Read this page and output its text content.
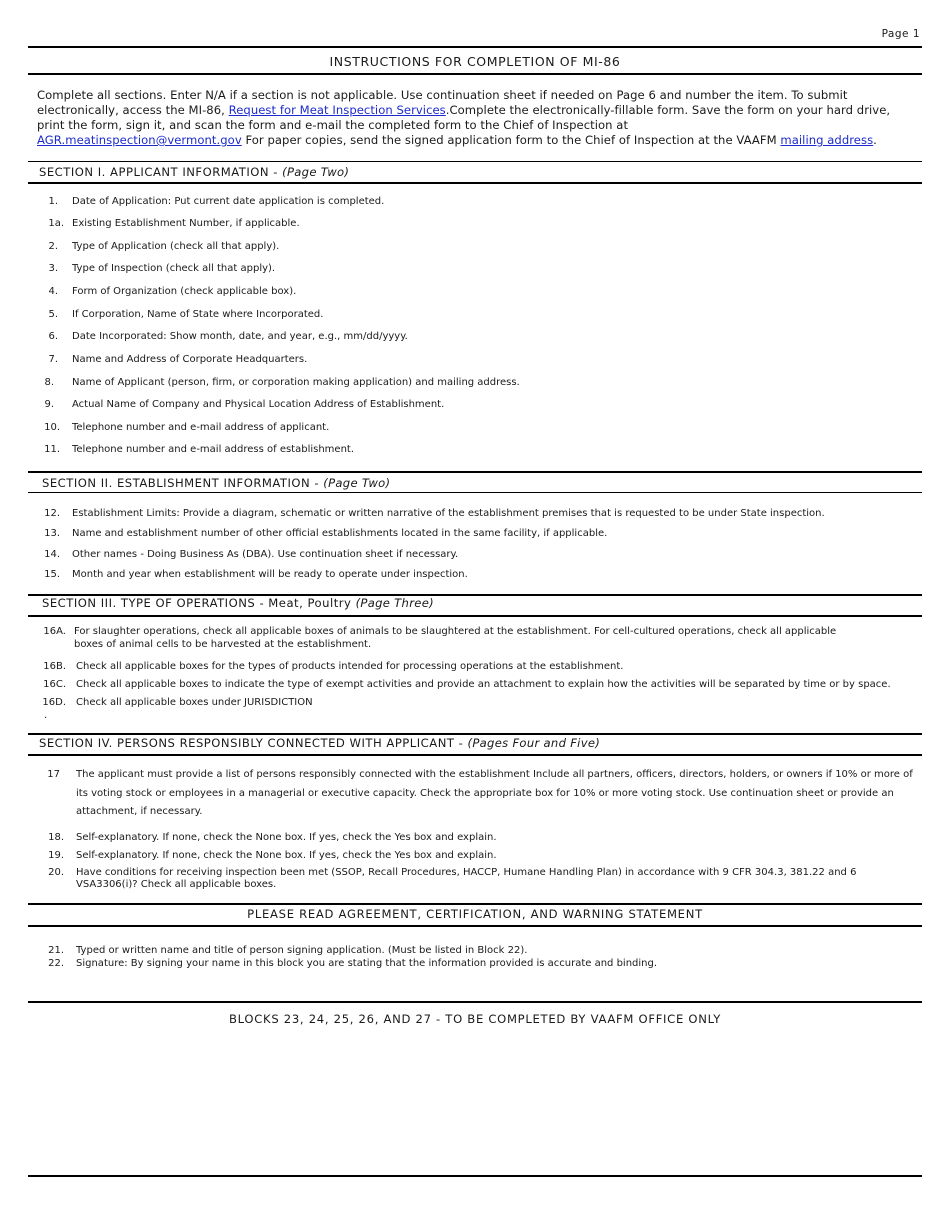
Page 1
INSTRUCTIONS FOR COMPLETION OF MI-86
Complete all sections. Enter N/A if a section is not applicable. Use continuation sheet if needed on Page 6 and number the item. To submit electronically, access the MI-86, Request for Meat Inspection Services.Complete the electronically-fillable form. Save the form on your hard drive, print the form, sign it, and scan the form and e-mail the completed form to the Chief of Inspection at
AGR.meatinspection@vermont.gov For paper copies, send the signed application form to the Chief of Inspection at the VAAFM mailing address.
SECTION I. APPLICANT INFORMATION - (Page Two)
1. Date of Application: Put current date application is completed.
1a. Existing Establishment Number, if applicable.
2. Type of Application (check all that apply).
3. Type of Inspection (check all that apply).
4. Form of Organization (check applicable box).
5. If Corporation, Name of State where Incorporated.
6. Date Incorporated: Show month, date, and year, e.g., mm/dd/yyyy.
7. Name and Address of Corporate Headquarters.
8. Name of Applicant (person, firm, or corporation making application) and mailing address.
9. Actual Name of Company and Physical Location Address of Establishment.
10. Telephone number and e-mail address of applicant.
11. Telephone number and e-mail address of establishment.
SECTION II. ESTABLISHMENT INFORMATION - (Page Two)
12. Establishment Limits: Provide a diagram, schematic or written narrative of the establishment premises that is requested to be under State inspection.
13. Name and establishment number of other official establishments located in the same facility, if applicable.
14. Other names - Doing Business As (DBA). Use continuation sheet if necessary.
15. Month and year when establishment will be ready to operate under inspection.
SECTION III. TYPE OF OPERATIONS - Meat, Poultry (Page Three)
16A. For slaughter operations, check all applicable boxes of animals to be slaughtered at the establishment. For cell-cultured operations, check all applicable boxes of animal cells to be harvested at the establishment.
16B. Check all applicable boxes for the types of products intended for processing operations at the establishment.
16C. Check all applicable boxes to indicate the type of exempt activities and provide an attachment to explain how the activities will be separated by time or by space.
16D. Check all applicable boxes under JURISDICTION
.
SECTION IV. PERSONS RESPONSIBLY CONNECTED WITH APPLICANT - (Pages Four and Five)
17 The applicant must provide a list of persons responsibly connected with the establishment Include all partners, officers, directors, holders, or owners if 10% or more of its voting stock or employees in a managerial or executive capacity. Check the appropriate box for 10% or more voting stock. Use continuation sheet or provide an attachment, if necessary.
18. Self-explanatory. If none, check the None box. If yes, check the Yes box and explain.
19. Self-explanatory. If none, check the None box. If yes, check the Yes box and explain.
20. Have conditions for receiving inspection been met (SSOP, Recall Procedures, HACCP, Humane Handling Plan) in accordance with 9 CFR 304.3, 381.22 and 6 VSA3306(i)? Check all applicable boxes.
PLEASE READ AGREEMENT, CERTIFICATION, AND WARNING STATEMENT
21. Typed or written name and title of person signing application. (Must be listed in Block 22).
22. Signature: By signing your name in this block you are stating that the information provided is accurate and binding.
BLOCKS 23, 24, 25, 26, AND 27 - TO BE COMPLETED BY VAAFM OFFICE ONLY
